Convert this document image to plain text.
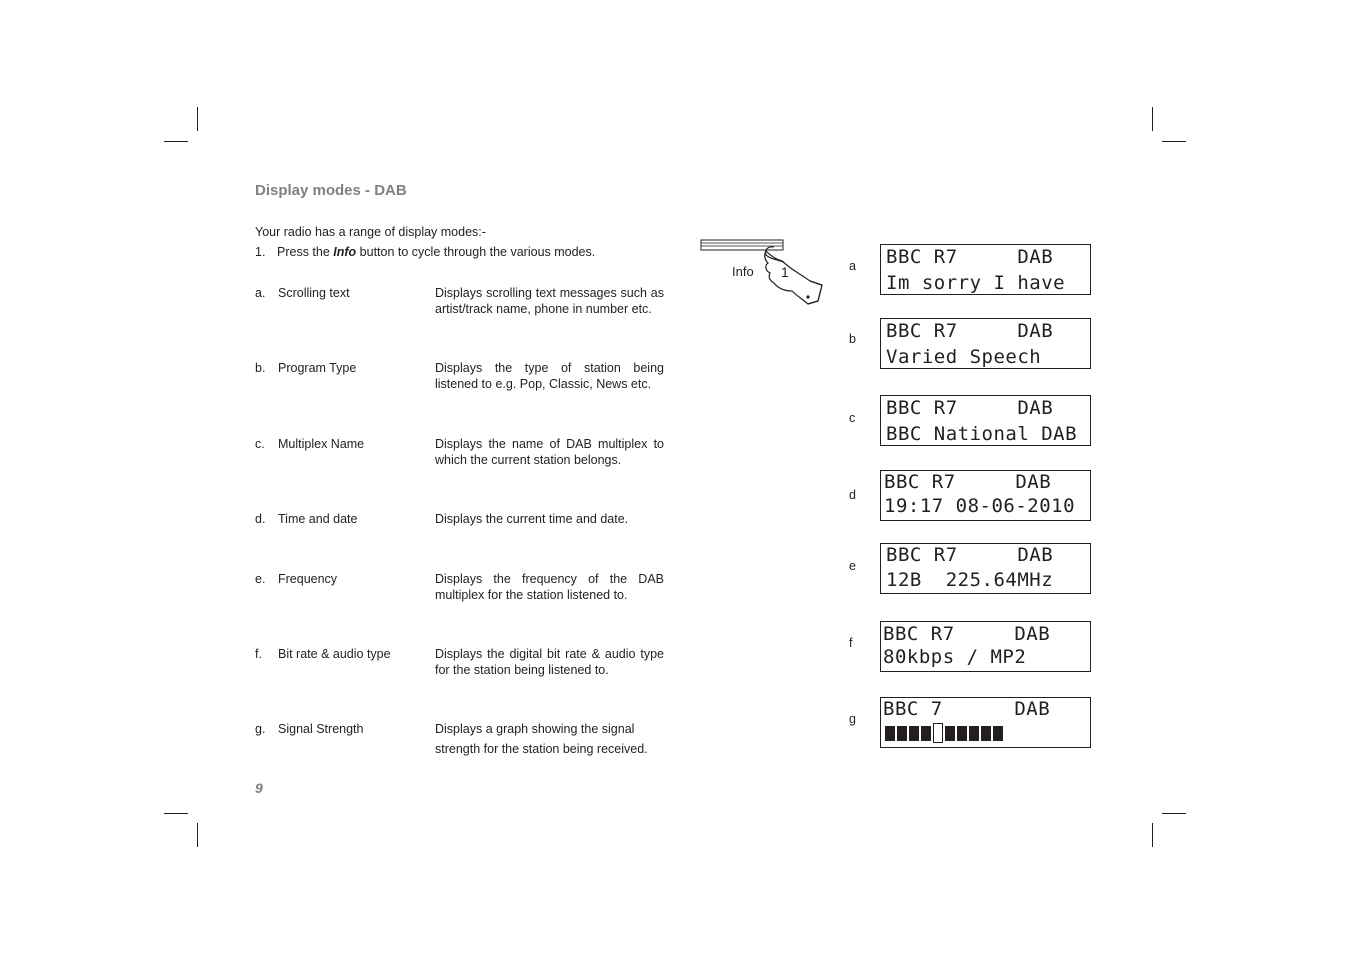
Display modes - DAB
Your radio has a range of display modes:-
1. Press the Info button to cycle through the various modes.
a. Scrolling text	Displays scrolling text messages such as artist/track name, phone in number etc.
b. Program Type	Displays the type of station being listened to e.g. Pop, Classic, News etc.
c. Multiplex Name	Displays the name of DAB multiplex to which the current station belongs.
d. Time and date	Displays the current time and date.
e. Frequency	Displays the frequency of the DAB multiplex for the station listened to.
f. Bit rate & audio type	Displays the digital bit rate & audio type for the station being listened to.
g. Signal Strength	Displays a graph showing the signal
strength for the station being received.
9
Info 1	a BBC R7     DAB
Im sorry I have
b BBC R7     DAB
Varied Speech
c BBC R7     DAB
BBC National DAB
d
BBC R7     DAB
19:17 08-06-2010
e BBC R7     DAB
12B  225.64MHz
f BBC R7     DAB
80kbps / MP2
g BBC 7      DAB
